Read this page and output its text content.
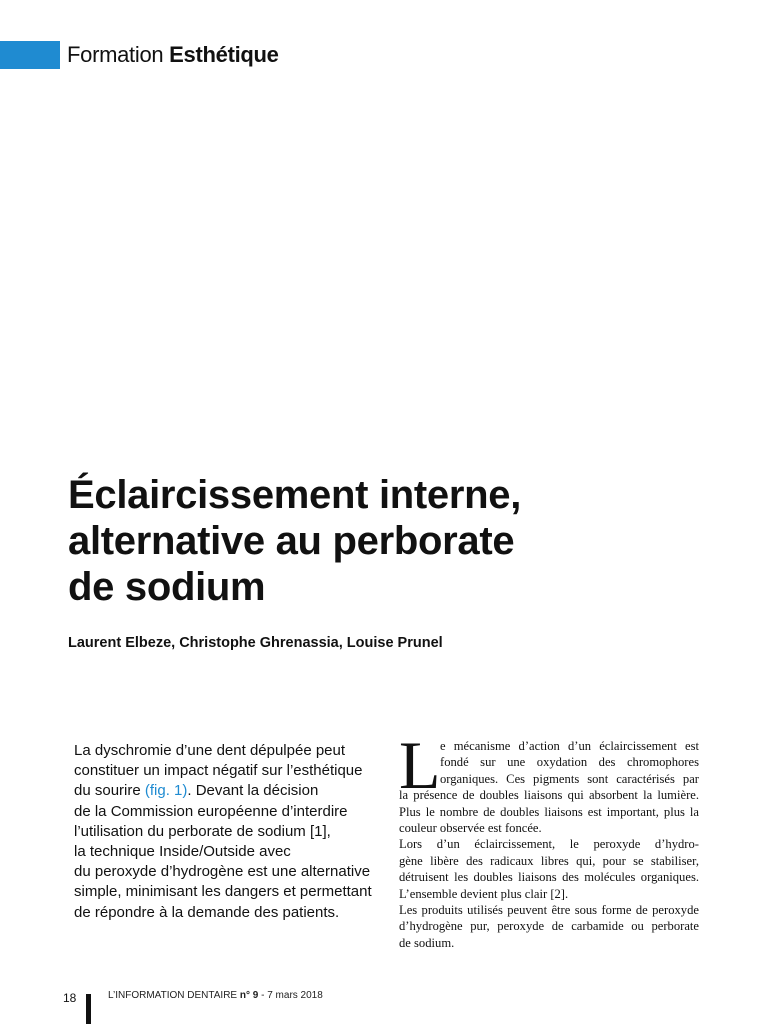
Formation Esthétique
Éclaircissement interne,
alternative au perborate
de sodium
Laurent Elbeze, Christophe Ghrenassia, Louise Prunel
La dyschromie d’une dent dépulpée peut
constituer un impact négatif sur l’esthétique
du sourire (fig. 1). Devant la décision
de la Commission européenne d’interdire
l’utilisation du perborate de sodium [1],
la technique Inside/Outside avec
du peroxyde d’hydrogène est une alternative
simple, minimisant les dangers et permettant
de répondre à la demande des patients.
L e mécanisme d’action d’un éclaircissement est
fondé sur une oxydation des chromophores
organiques. Ces pigments sont caractérisés par
la présence de doubles liaisons qui absorbent la lumière.
Plus le nombre de doubles liaisons est important, plus la
couleur observée est foncée.
Lors d’un éclaircissement, le peroxyde d’hydro-
gène libère des radicaux libres qui, pour se stabiliser,
détruisent les doubles liaisons des molécules organiques.
L’ensemble devient plus clair [2].
Les produits utilisés peuvent être sous forme de peroxyde
d’hydrogène pur, peroxyde de carbamide ou perborate
de sodium.
18	L’INFORMATION DENTAIRE n° 9 - 7 mars 2018
